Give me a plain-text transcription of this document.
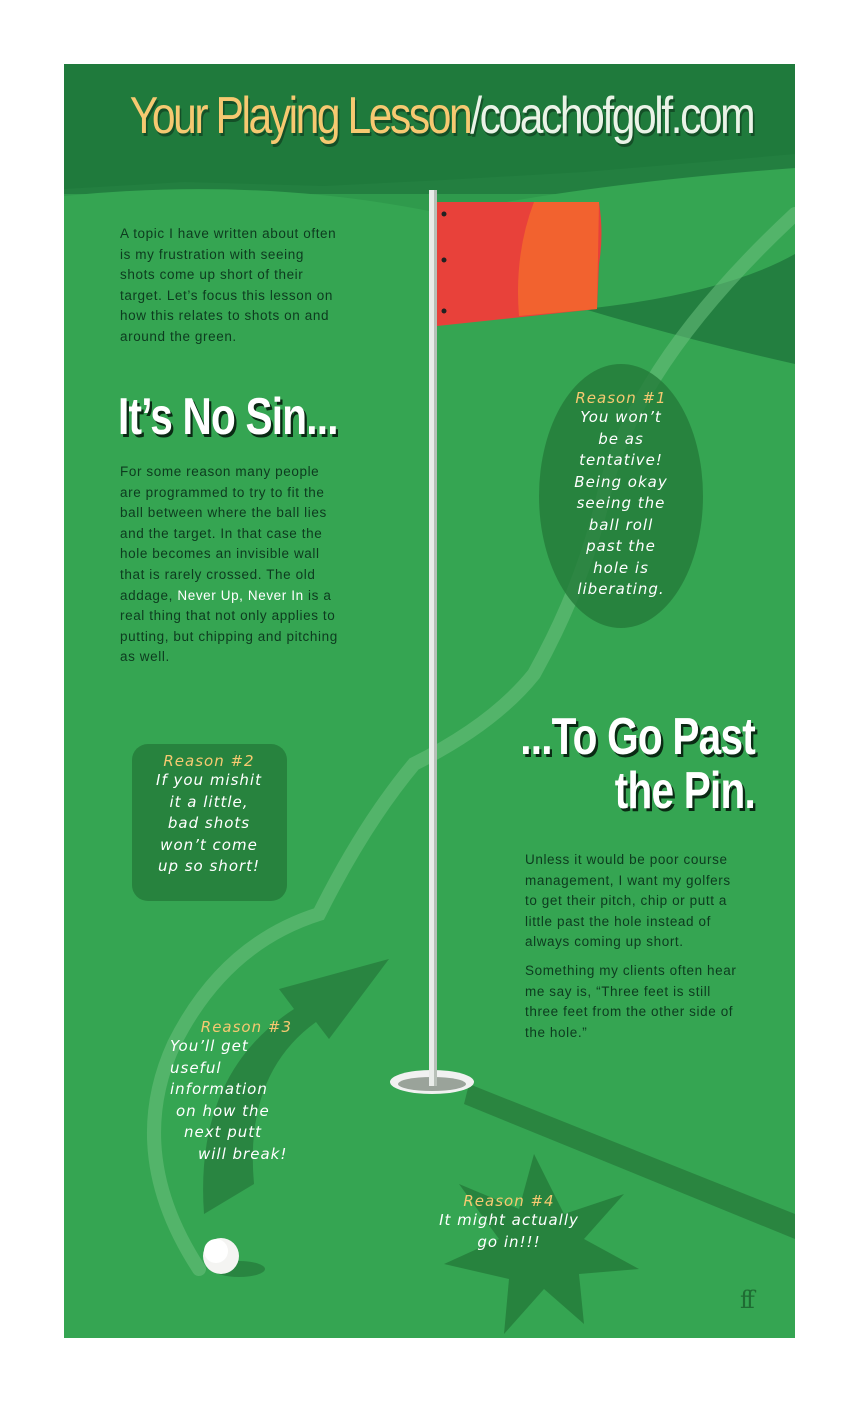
Your Playing Lesson/coachofgolf.com

A topic I have written about often is my frustration with seeing shots come up short of their target. Let’s focus this lesson on how this relates to shots on and around the green.

It’s No Sin...

For some reason many people are programmed to try to fit the ball between where the ball lies and the target. In that case the hole becomes an invisible wall that is rarely crossed. The old addage, Never Up, Never In is a real thing that not only applies to putting, but chipping and pitching as well.

...To Go Past
the Pin.

Unless it would be poor course management, I want my golfers to get their pitch, chip or putt a little past the hole instead of always coming up short.

Something my clients often hear me say is, “Three feet is still three feet from the other side of the hole.”

Reason #1
You won’t
be as
tentative!
Being okay
seeing the
ball roll
past the
hole is
liberating.
Reason #2
If you mishit
it a little,
bad shots
won’t come
up so short!
Reason #3
You’ll get
useful
information
on how the
next putt
will break!
Reason #4
It might actually
go in!!!
ff
